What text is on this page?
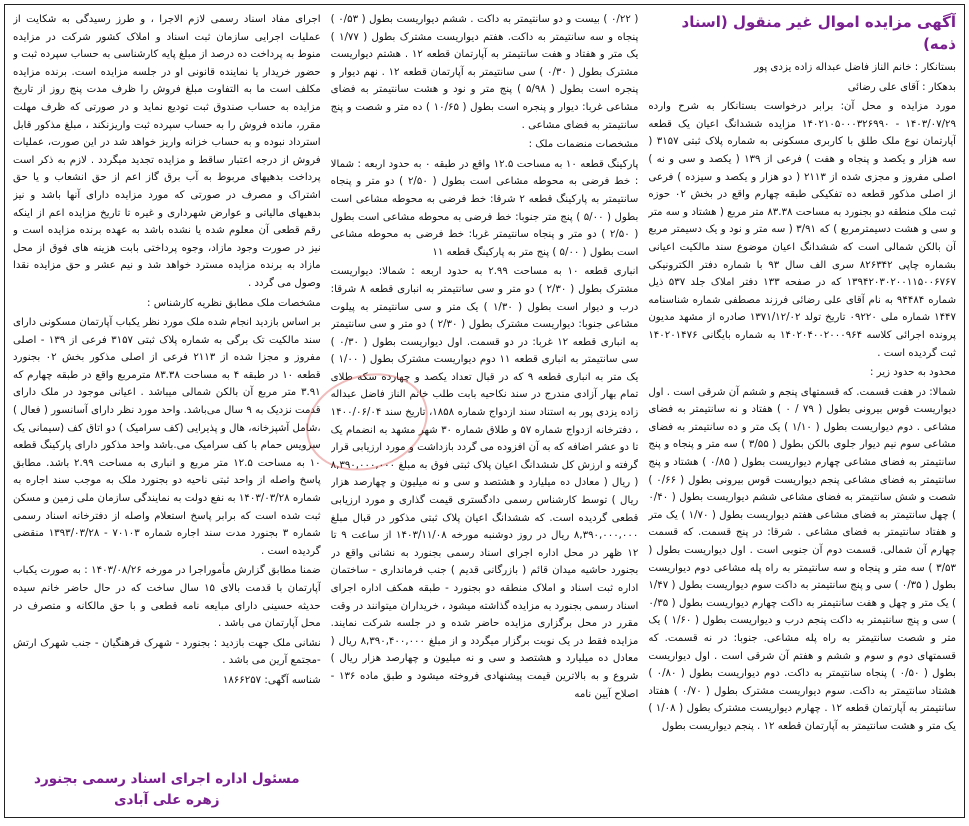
آگهی مزایده اموال غیر منقول (اسناد ذمه)

بستانکار : خانم الناز فاضل عبداله زاده یزدی پور

بدهکار : آقای علی رضائی

مورد مزایده و محل آن: برابر درخواست بستانکار به شرح وارده ۱۴۰۳/۰۷/۲۹ - ۱۴۰۲۱۰۵۰۰۰۳۲۶۹۹۰ مزایده ششدانگ اعیان یک قطعه آپارتمان نوع ملک طلق با کاربری مسکونی به شماره پلاک ثبتی ۳۱۵۷ ( سه هزار و یکصد و پنجاه و هفت ) فرعی از ۱۳۹ ( یکصد و سی و نه ) اصلی مفروز و مجزی شده از ۲۱۱۳ ( دو هزار و یکصد و سیزده ) فرعی از اصلی مذکور قطعه ده تفکیکی طبقه چهارم واقع در بخش ۰۲ حوزه ثبت ملک منطقه دو بجنورد به مساحت ۸۳.۳۸ متر مربع ( هشتاد و سه متر و سی و هشت دسیمترمربع ) که ۳/۹۱ ( سه متر و نود و یک دسیمتر مربع آن بالکن شمالی است که ششدانگ اعیان موضوع سند مالکیت اعیانی بشماره چاپی ۸۲۶۳۴۲ سری الف سال ۹۳ با شماره دفتر الکترونیکی ۱۳۹۴۲۰۳۰۲۰۰۱۱۵۰۰۶۷۶۷ که در صفحه ۱۳۳ دفتر املاک جلد ۵۳۷ ذیل شماره ۹۴۴۸۴ به نام آقای علی رضائی فرزند مصطفی شماره شناسنامه ۱۴۴۷ شماره ملی ۰۹۲۲۰ تاریخ تولد ۱۳۷۱/۱۲/۰۲ صادره از مشهد مدیون پرونده اجرائی کلاسه ۱۴۰۲۰۴۰۰۲۰۰۰۹۶۴ به شماره بایگانی ۱۴۰۲۰۱۴۷۶ ثبت گردیده است .

محدود به حدود زیر :

شمالا: در هفت قسمت. که قسمتهای پنجم و ششم آن شرقی است . اول دیواریست قوس بیرونی بطول ( ۷۹ / ۰ ) هفتاد و نه سانتیمتر به فضای مشاعی . دوم دیواریست بطول ( ۱/۱۰ ) یک متر و ده سانتیمتر به فضای مشاعی سوم نیم دیوار جلوی بالکن بطول ( ۳/۵۵ ) سه متر و پنجاه و پنج سانتیمتر به فضای مشاعی چهارم دیواریست بطول ( ۰/۸۵ ) هشتاد و پنج سانتیمتر به فضای مشاعی پنجم دیواریست قوس بیرونی بطول ( ۰/۶۶ ) شصت و شش سانتیمتر به فضای مشاعی ششم دیواریست بطول ( ۰/۴۰ ) چهل سانتیمتر به فضای مشاعی هفتم دیواریست بطول ( ۱/۷۰ ) یک متر و هفتاد سانتیمتر به فضای مشاعی . شرقا: در پنج قسمت. که قسمت چهارم آن شمالی. قسمت دوم آن جنوبی است . اول دیواریست بطول ( ۳/۵۳ ) سه متر و پنجاه و سه سانتیمتر به راه پله مشاعی دوم دیواریست بطول ( ۰/۳۵ ) سی و پنج سانتیمتر به داکت سوم دیواریست بطول ( ۱/۴۷ ) یک متر و چهل و هفت سانتیمتر به داکت چهارم دیواریست بطول ( ۰/۳۵ ) سی و پنج سانتیمتر به داکت پنجم درب و دیواریست بطول ( ۱/۶۰ ) یک متر و شصت سانتیمتر به راه پله مشاعی. جنوبا: در نه قسمت. که قسمتهای دوم و سوم و ششم و هفتم آن شرقی است . اول دیواریست بطول ( ۰/۵۰ ) پنجاه سانتیمتر به داکت. دوم دیواریست بطول ( ۰/۸۰ ) هشتاد سانتیمتر به داکت. سوم دیواریست مشترک بطول ( ۰/۷۰ ) هفتاد سانتیمتر به آپارتمان قطعه ۱۲ . چهارم دیواریست مشترک بطول ( ۱/۰۸ ) یک متر و هشت سانتیمتر به آپارتمان قطعه ۱۲ . پنجم دیواریست بطول

( ۰/۲۲ ) بیست و دو سانتیمتر به داکت . ششم دیواریست بطول ( ۰/۵۳ ) پنجاه و سه سانتیمتر به داکت. هفتم دیواریست مشترک بطول ( ۱/۷۷ ) یک متر و هفتاد و هفت سانتیمتر به آپارتمان قطعه ۱۲ . هشتم دیواریست مشترک بطول ( ۰/۳۰ ) سی سانتیمتر به آپارتمان قطعه ۱۲ . نهم دیوار و پنجره است بطول ( ۵/۹۸ ) پنج متر و نود و هشت سانتیمتر به فضای مشاعی غربا: دیوار و پنجره است بطول ( ۱۰/۶۵ ) ده متر و شصت و پنج سانتیمتر به فضای مشاعی .

مشخصات منضمات ملک :

پارکینگ قطعه ۱۰ به مساحت ۱۲.۵ واقع در طبقه ۰ به حدود اربعه : شمالا : خط فرضی به محوطه مشاعی است بطول ( ۲/۵۰ ) دو متر و پنجاه سانتیمتر به پارکینگ قطعه ۲ شرقا: خط فرضی به محوطه مشاعی است بطول ( ۵/۰۰ ) پنج متر جنوبا: خط فرضی به محوطه مشاعی است بطول ( ۲/۵۰ ) دو متر و پنجاه سانتیمتر غربا: خط فرضی به محوطه مشاعی است بطول ( ۵/۰۰ ) پنج متر به پارکینگ قطعه ۱۱

انباری قطعه ۱۰ به مساحت ۲.۹۹ به حدود اربعه : شمالا: دیواریست مشترک بطول ( ۲/۳۰ ) دو متر و سی سانتیمتر به انباری قطعه ۸ شرقا: درب و دیوار است بطول ( ۱/۳۰ ) یک متر و سی سانتیمتر به پیلوت مشاعی جنوبا: دیواریست مشترک بطول ( ۲/۳۰ ) دو متر و سی سانتیمتر به انباری قطعه ۱۲ غربا: در دو قسمت. اول دیواریست بطول ( ۰/۳۰ ) سی سانتیمتر به انباری قطعه ۱۱ دوم دیواریست مشترک بطول ( ۱/۰۰ ) یک متر به انباری قطعه ۹ که در قبال تعداد یکصد و چهارده سکه طلای تمام بهار آزادی مندرج در سند نکاحیه بابت طلب خانم الناز فاضل عبداله زاده یزدی پور به استناد سند ازدواج شماره ۱۸۵۸، تاریخ سند ۱۴۰۰/۰۶/۰۴ ، دفترخانه ازدواج شماره ۵۷ و طلاق شماره ۳۰ شهر مشهد به انضمام یک تا دو عشر اضافه که به آن افزوده می گردد بازداشت و مورد ارزیابی قرار گرفته و ارزش کل ششدانگ اعیان پلاک ثبتی فوق به مبلغ ۸,۳۹۰,۰۰۰,۰۰۰ ( ریال ( معادل ده میلیارد و هشتصد و سی و نه میلیون و چهارصد هزار ریال ) توسط کارشناس رسمی دادگستری قیمت گذاری و مورد ارزیابی قطعی گردیده است. که ششدانگ اعیان پلاک ثبتی مذکور در قبال مبلغ ۸,۳۹۰,۰۰۰,۰۰۰ ریال در روز دوشنبه مورخه ۱۴۰۳/۱۱/۰۸ از ساعت ۹ تا ۱۲ ظهر در محل اداره اجرای اسناد رسمی بجنورد به نشانی واقع در بجنورد حاشیه میدان قائم ( بازرگانی قدیم ) جنب فرمانداری - ساختمان اداره ثبت اسناد و املاک منطقه دو بجنورد - طبقه همکف اداره اجرای اسناد رسمی بجنورد به مزایده گذاشته میشود ، خریداران میتوانند در وقت مقرر در محل برگزاری مزایده حاضر شده و در جلسه شرکت نمایند. مزایده فقط در یک نوبت برگزار میگردد و از مبلغ ۸,۳۹۰,۴۰۰,۰۰۰ ریال ( معادل ده میلیارد و هشتصد و سی و نه میلیون و چهارصد هزار ریال ) شروع و به بالاترین قیمت پیشنهادی فروخته میشود و طبق ماده ۱۳۶ - اصلاح آیین نامه

اجرای مفاد اسناد رسمی لازم الاجرا ، و طرز رسیدگی به شکایت از عملیات اجرایی سازمان ثبت اسناد و املاک کشور شرکت در مزایده منوط به پرداخت ده درصد از مبلغ پایه کارشناسی به حساب سپرده ثبت و حضور خریدار یا نماینده قانونی او در جلسه مزایده است. برنده مزایده مکلف است ما به التفاوت مبلغ فروش را ظرف مدت پنج روز از تاریخ مزایده به حساب صندوق ثبت تودیع نماید و در صورتی که ظرف مهلت مقرر، مانده فروش را به حساب سپرده ثبت واریزنکند ، مبلغ مذکور قابل استرداد نبوده و به حساب خزانه واریز خواهد شد در این صورت، عملیات فروش از درجه اعتبار ساقط و مزایده تجدید میگردد . لازم به ذکر است پرداخت بدهیهای مربوط به آب برق گاز اعم از حق انشعاب و یا حق اشتراک و مصرف در صورتی که مورد مزایده دارای آنها باشد و نیز بدهیهای مالیاتی و عوارض شهرداری و غیره تا تاریخ مزایده اعم از اینکه رقم قطعی آن معلوم شده یا نشده باشد به عهده برنده مزایده است و نیز در صورت وجود مازاد، وجوه پرداختی بابت هزینه های فوق از محل مازاد به برنده مزایده مسترد خواهد شد و نیم عشر و حق مزایده نقدا وصول می گردد .

مشخصات ملک مطابق نظریه کارشناس :

بر اساس بازدید انجام شده ملک مورد نظر یکباب آپارتمان مسکونی دارای سند مالکیت تک برگی به شماره پلاک ثبتی ۳۱۵۷ فرعی از ۱۳۹ - اصلی مفروز و مجزا شده از ۲۱۱۳ فرعی از اصلی مذکور بخش ۰۲ بجنورد قطعه ۱۰ در طبقه ۴ به مساحت ۸۳.۳۸ مترمربع واقع در طبقه چهارم که ۳.۹۱ متر مربع آن بالکن شمالی میباشد . اعیانی موجود در ملک دارای قدمت نزدیک به ۹ سال می‌باشد. واحد مورد نظر دارای آسانسور ( فعال ) ،شامل آشپزخانه، هال و پذیرایی (کف سرامیک ) دو اتاق کف (سیمانی یک سرویس حمام با کف سرامیک می.باشد واحد مذکور دارای پارکینگ قطعه ۱۰ به مساحت ۱۲.۵ متر مربع و انباری به مساحت ۲.۹۹ باشد. مطابق پاسخ واصله از واحد ثبتی ناحیه دو بجنورد ملک به موجب سند اجاره به شماره ۱۴۰۳/۰۳/۲۸ به نفع دولت به نمایندگی سازمان ملی زمین و مسکن ثبت شده است که برابر پاسخ استعلام واصله از دفترخانه اسناد رسمی شماره ۳ بجنورد مدت سند اجاره شماره ۷۰۱۰۳ - ۱۳۹۳/۰۳/۲۸ منقضی گردیده است .

ضمنا مطابق گزارش مأموراجرا در مورخه ۱۴۰۳/۰۸/۲۶ : به صورت یکباب آپارتمان با قدمت بالای ۱۵ سال ساخت که در حال حاضر خانم سیده حدیثه حسینی دارای مبایعه نامه قطعی و با حق مالکانه و متصرف در محل آپارتمان می باشد .

نشانی ملک جهت بازدید : بجنورد - شهرک فرهنگیان - جنب شهرک ارتش -مجتمع آرین می باشد .

شناسه آگهی: ۱۸۶۶۲۵۷

مسئول اداره اجرای اسناد رسمی بجنورد
زهره علی آبادی
